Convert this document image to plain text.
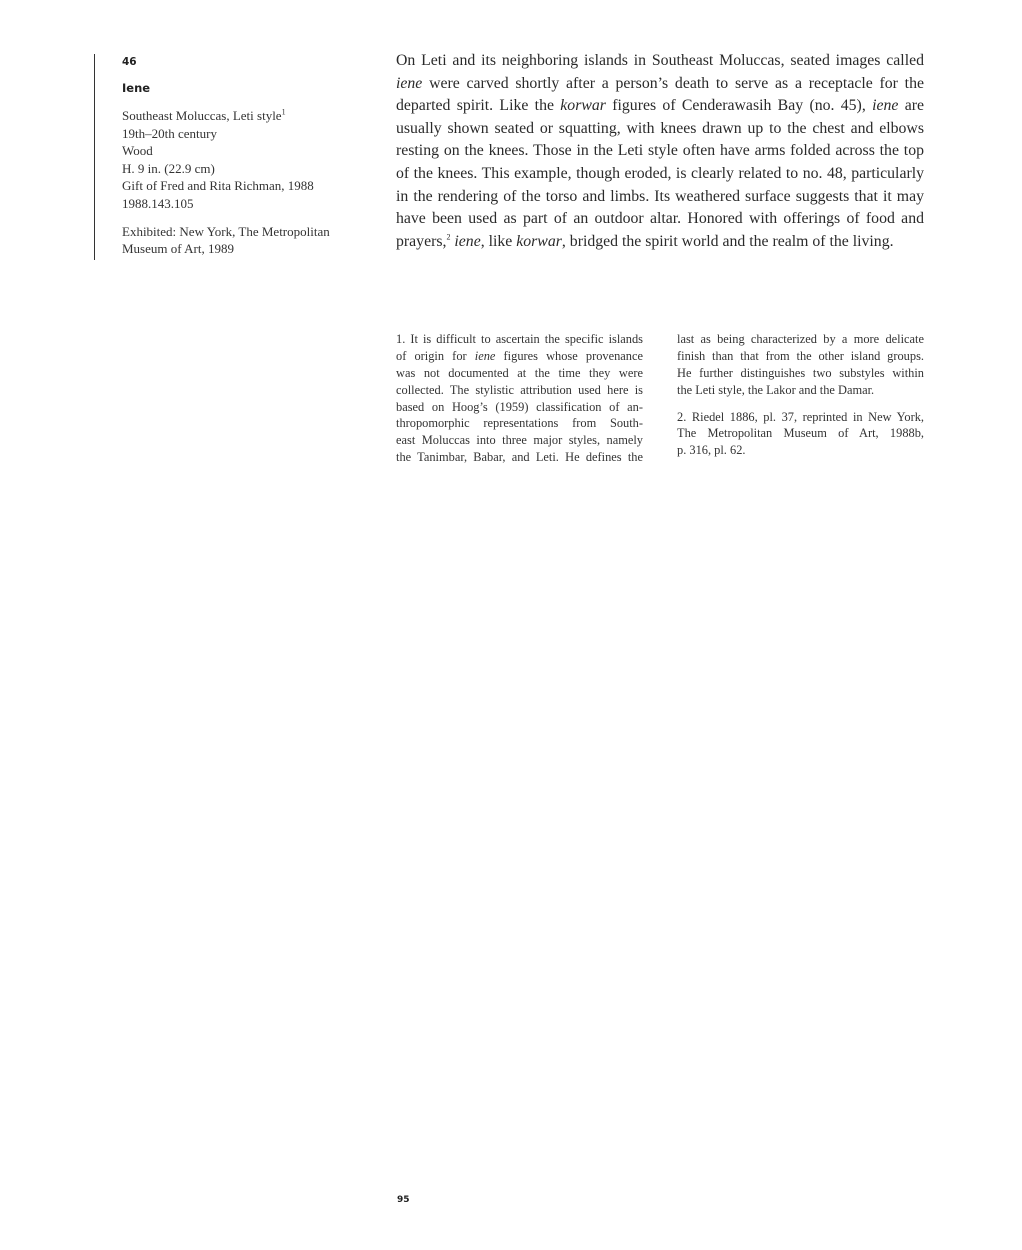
46
Iene
Southeast Moluccas, Leti style$^1$
19th–20th century
Wood
H. 9 in. (22.9 cm)
Gift of Fred and Rita Richman, 1988
1988.143.105
Exhibited: New York, The Metropolitan
Museum of Art, 1989

On Leti and its neighboring islands in Southeast Moluccas, seated images called
iene were carved shortly after a person’s death to serve as a receptacle for the
departed spirit. Like the korwar figures of Cenderawasih Bay (no. 45), iene are
usually shown seated or squatting, with knees drawn up to the chest and elbows
resting on the knees. Those in the Leti style often have arms folded across the top
of the knees. This example, though eroded, is clearly related to no. 48, particularly
in the rendering of the torso and limbs. Its weathered surface suggests that it may
have been used as part of an outdoor altar. Honored with offerings of food and
prayers,$^2$ iene, like korwar, bridged the spirit world and the realm of the living.

1. It is difficult to ascertain the specific islands
of origin for iene figures whose provenance
was not documented at the time they were
collected. The stylistic attribution used here is
based on Hoog’s (1959) classification of an-
thropomorphic representations from South-
east Moluccas into three major styles, namely
the Tanimbar, Babar, and Leti. He defines the
last as being characterized by a more delicate
finish than that from the other island groups.
He further distinguishes two substyles within
the Leti style, the Lakor and the Damar.
2. Riedel 1886, pl. 37, reprinted in New York,
The Metropolitan Museum of Art, 1988b,
p. 316, pl. 62.
95
